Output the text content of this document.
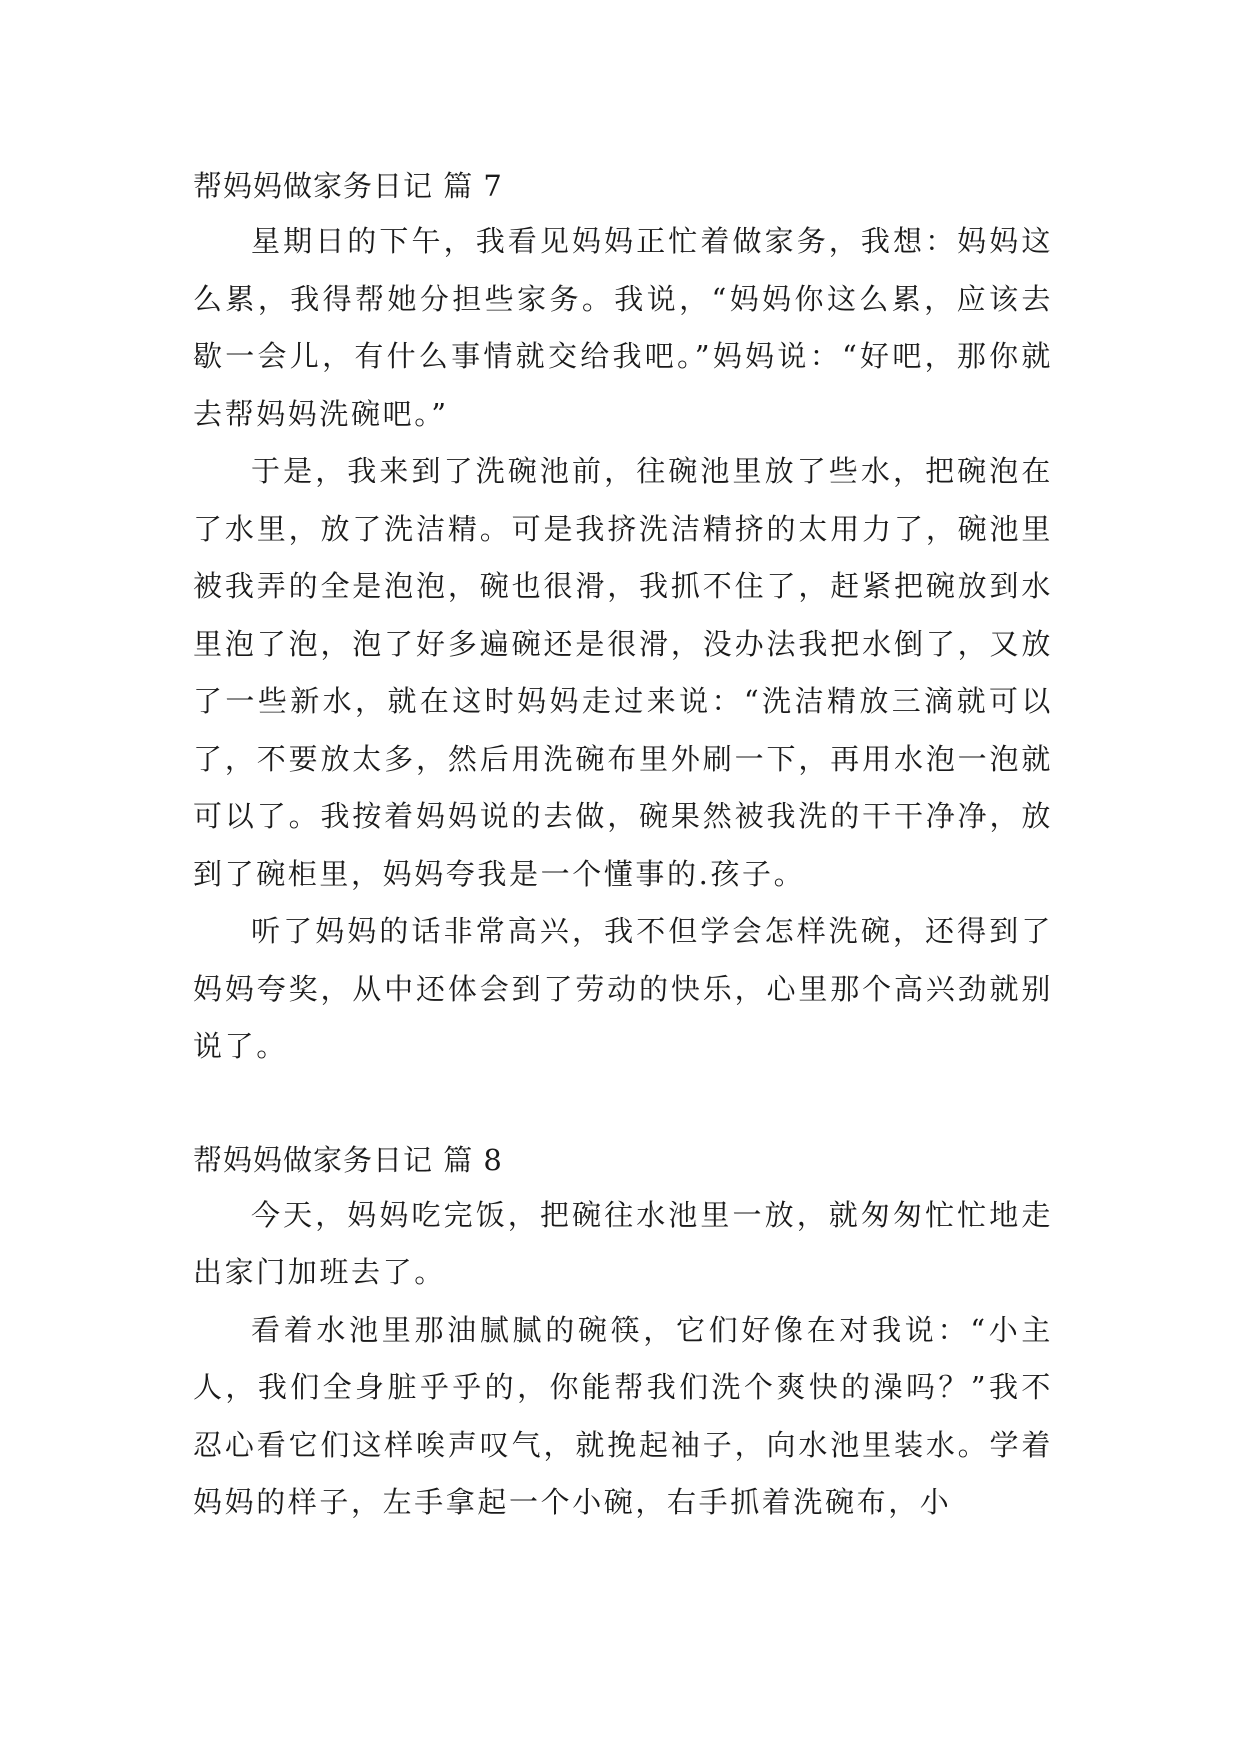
帮妈妈做家务日记 篇 7

星期日的下午，我看见妈妈正忙着做家务，我想：妈妈这么累，我得帮她分担些家务。我说，“妈妈你这么累，应该去歇一会儿，有什么事情就交给我吧。”妈妈说：“好吧，那你就去帮妈妈洗碗吧。”

于是，我来到了洗碗池前，往碗池里放了些水，把碗泡在了水里，放了洗洁精。可是我挤洗洁精挤的太用力了，碗池里被我弄的全是泡泡，碗也很滑，我抓不住了，赶紧把碗放到水里泡了泡，泡了好多遍碗还是很滑，没办法我把水倒了，又放了一些新水，就在这时妈妈走过来说：“洗洁精放三滴就可以了，不要放太多，然后用洗碗布里外刷一下，再用水泡一泡就可以了。我按着妈妈说的去做，碗果然被我洗的干干净净，放到了碗柜里，妈妈夸我是一个懂事的.孩子。

听了妈妈的话非常高兴，我不但学会怎样洗碗，还得到了妈妈夸奖，从中还体会到了劳动的快乐，心里那个高兴劲就别说了。

帮妈妈做家务日记 篇 8

今天，妈妈吃完饭，把碗往水池里一放，就匆匆忙忙地走出家门加班去了。

看着水池里那油腻腻的碗筷，它们好像在对我说：“小主人，我们全身脏乎乎的，你能帮我们洗个爽快的澡吗？”我不忍心看它们这样唉声叹气，就挽起袖子，向水池里装水。学着妈妈的样子，左手拿起一个小碗，右手抓着洗碗布，小
